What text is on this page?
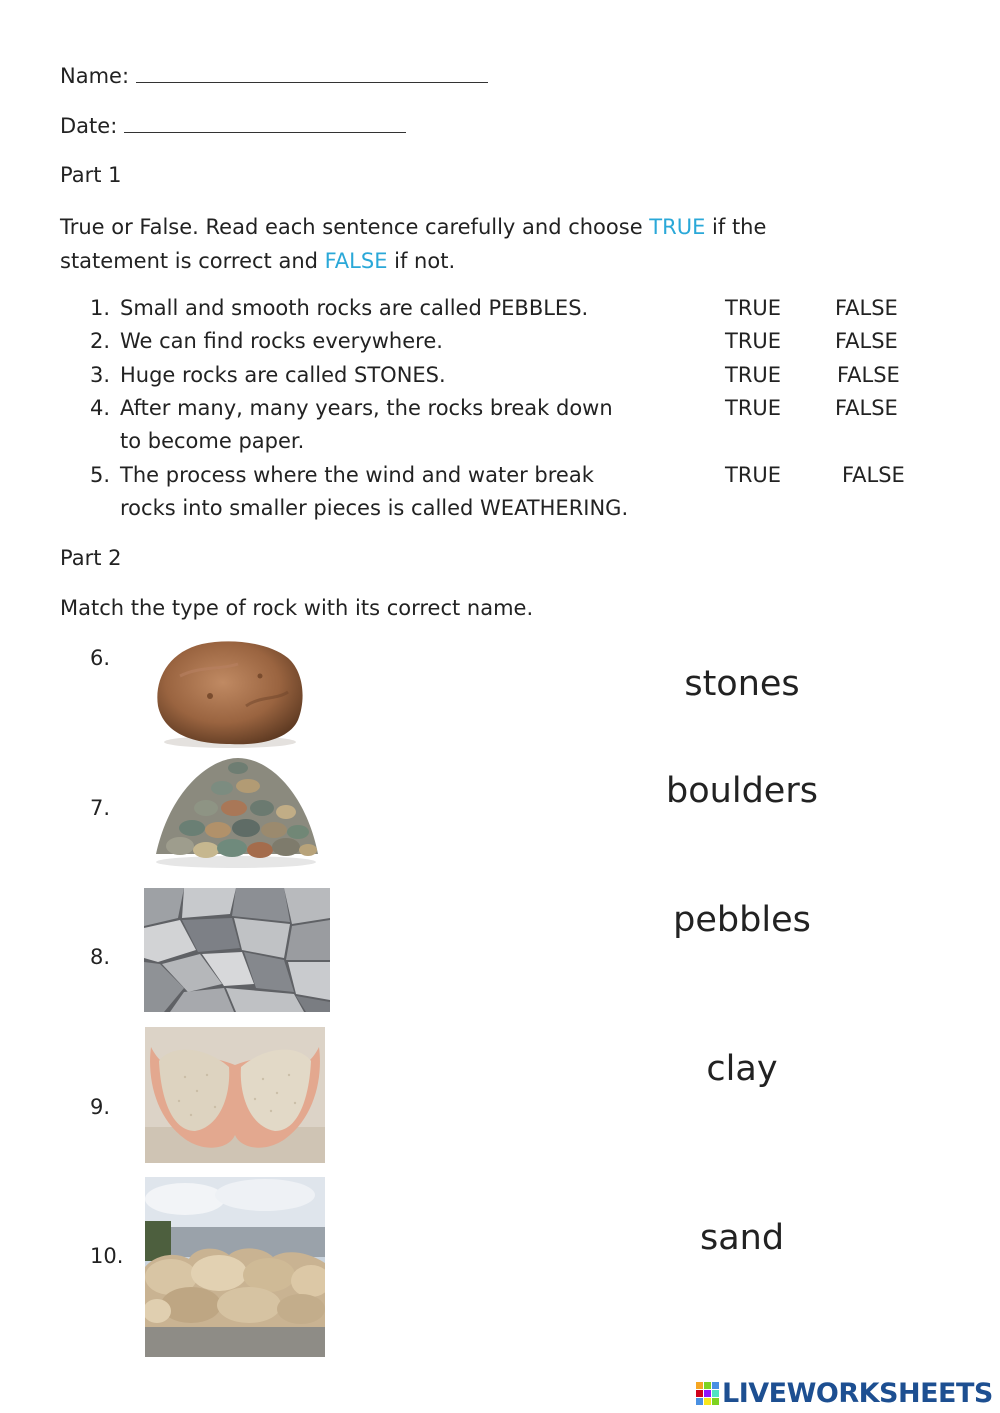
Name:
Date:
Part 1
True or False. Read each sentence carefully and choose TRUE if the
statement is correct and FALSE if not.
1. Small and smooth rocks are called PEBBLES.	TRUE	FALSE
2. We can find rocks everywhere.	TRUE	FALSE
3. Huge rocks are called STONES.	TRUE	FALSE
4. After many, many years, the rocks break down
to become paper.
TRUE	FALSE
5. The process where the wind and water break
rocks into smaller pieces is called WEATHERING.
TRUE	FALSE
Part 2
Match the type of rock with its correct name.
6.
7.
8.
9.
10.
stones
boulders
pebbles
clay
sand
LIVEWORKSHEETS
